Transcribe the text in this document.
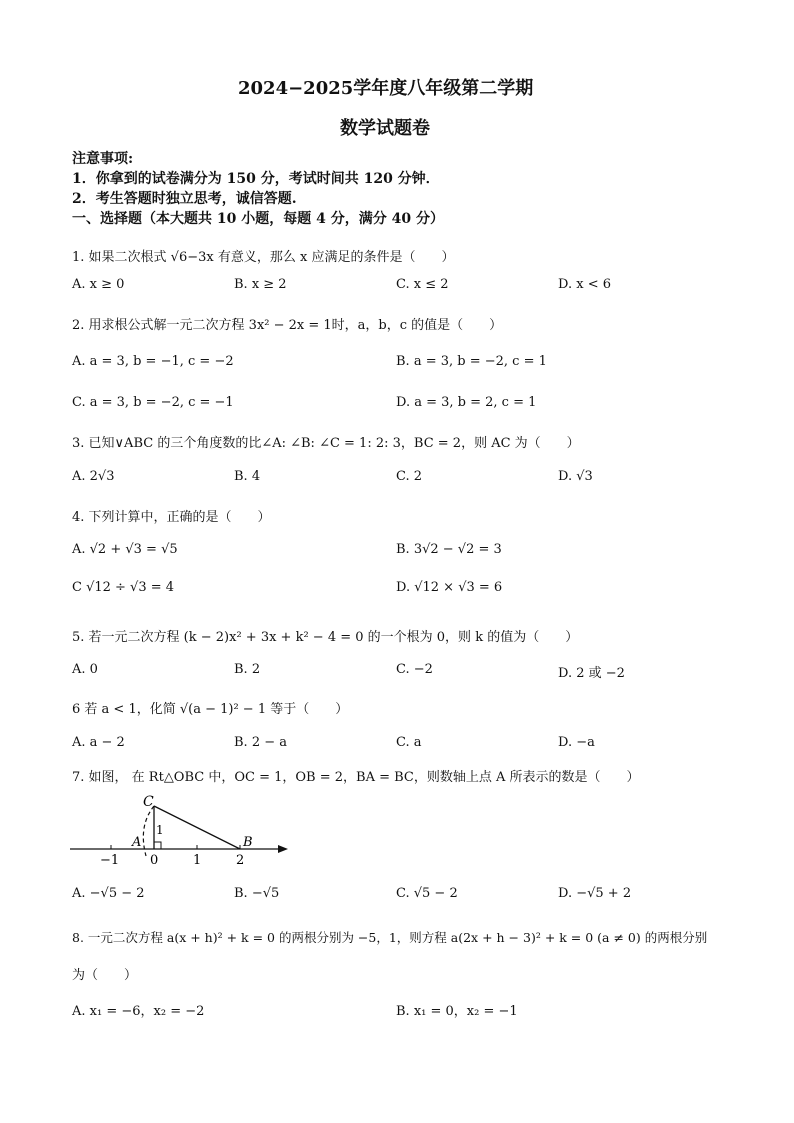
2024−2025学年度八年级第二学期
数学试题卷
注意事项:
1．你拿到的试卷满分为 150 分，考试时间共 120 分钟．
2．考生答题时独立思考，诚信答题.
一、选择题（本大题共 10 小题，每题 4 分，满分 40 分）
1. 如果二次根式 √6−3x 有意义，那么 x 应满足的条件是（　　）
A. x ≥ 0	B. x ≥ 2	C. x ≤ 2	D. x < 6
2. 用求根公式解一元二次方程 3x² − 2x = 1时，a，b，c 的值是（　　）
A. a = 3, b = −1, c = −2	B. a = 3, b = −2, c = 1
C. a = 3, b = −2, c = −1	D. a = 3, b = 2, c = 1
3. 已知∨ABC 的三个角度数的比∠A: ∠B: ∠C = 1: 2: 3，BC = 2，则 AC 为（　　）
A. 2√3	B. 4	C. 2	D. √3
4. 下列计算中，正确的是（　　）
A. √2 + √3 = √5	B. 3√2 − √2 = 3
C √12 ÷ √3 = 4	D. √12 × √3 = 6
5. 若一元二次方程 (k − 2)x² + 3x + k² − 4 = 0 的一个根为 0，则 k 的值为（　　）
A. 0	B. 2	C. −2	D. 2 或 −2
6 若 a < 1，化简 √(a − 1)² − 1 等于（　　）
A. a − 2	B. 2 − a	C. a	D. −a
7. 如图， 在 Rt△OBC 中，OC = 1，OB = 2，BA = BC，则数轴上点 A 所表示的数是（　　）
C
1
A	B
−1 0	1	2
A. −√5 − 2	B. −√5	C. √5 − 2	D. −√5 + 2
8. 一元二次方程 a(x + h)² + k = 0 的两根分别为 −5，1，则方程 a(2x + h − 3)² + k = 0 (a ≠ 0) 的两根分别
为（　　）
A. x₁ = −6，x₂ = −2	B. x₁ = 0，x₂ = −1
